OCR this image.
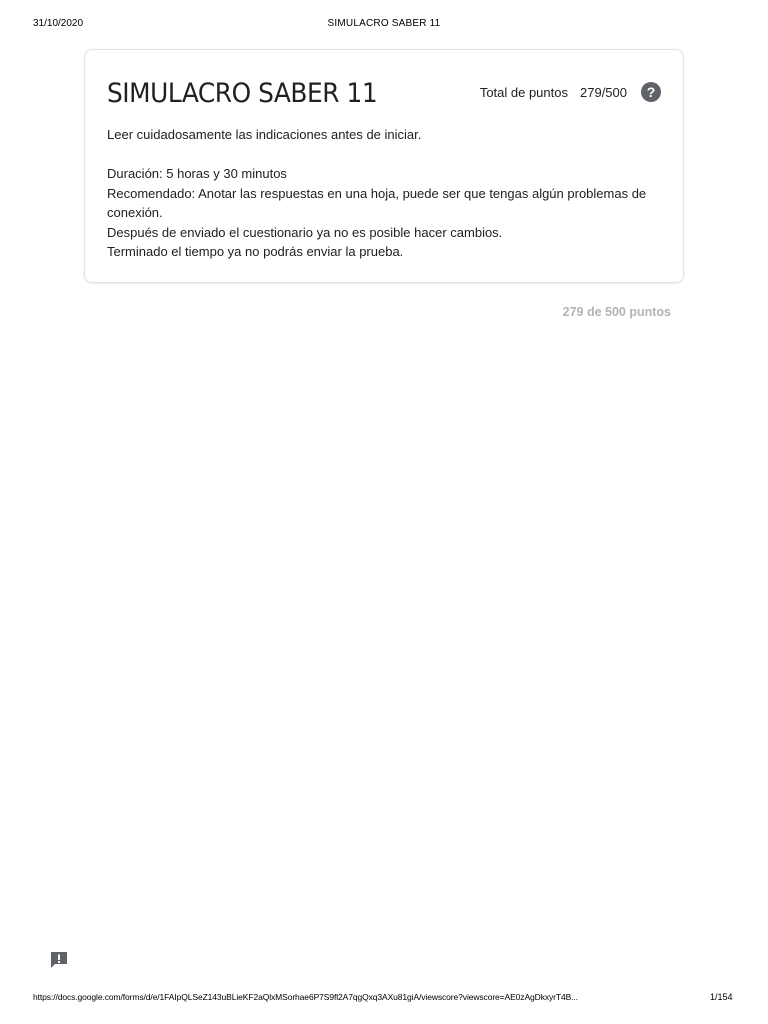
31/10/2020	SIMULACRO SABER 11
SIMULACRO SABER 11	Total de puntos 279/500	?

Leer cuidadosamente las indicaciones antes de iniciar.

Duración: 5 horas y 30 minutos

Recomendado: Anotar las respuestas en una hoja, puede ser que tengas algún problemas de conexión.

Después de enviado el cuestionario ya no es posible hacer cambios.

Terminado el tiempo ya no podrás enviar la prueba.

279 de 500 puntos
https://docs.google.com/forms/d/e/1FAIpQLSeZ143uBLieKF2aQlxMSorhae6P7S9fl2A7qgQxq3AXu81giA/viewscore?viewscore=AE0zAgDkxyrT4B...	1/154
